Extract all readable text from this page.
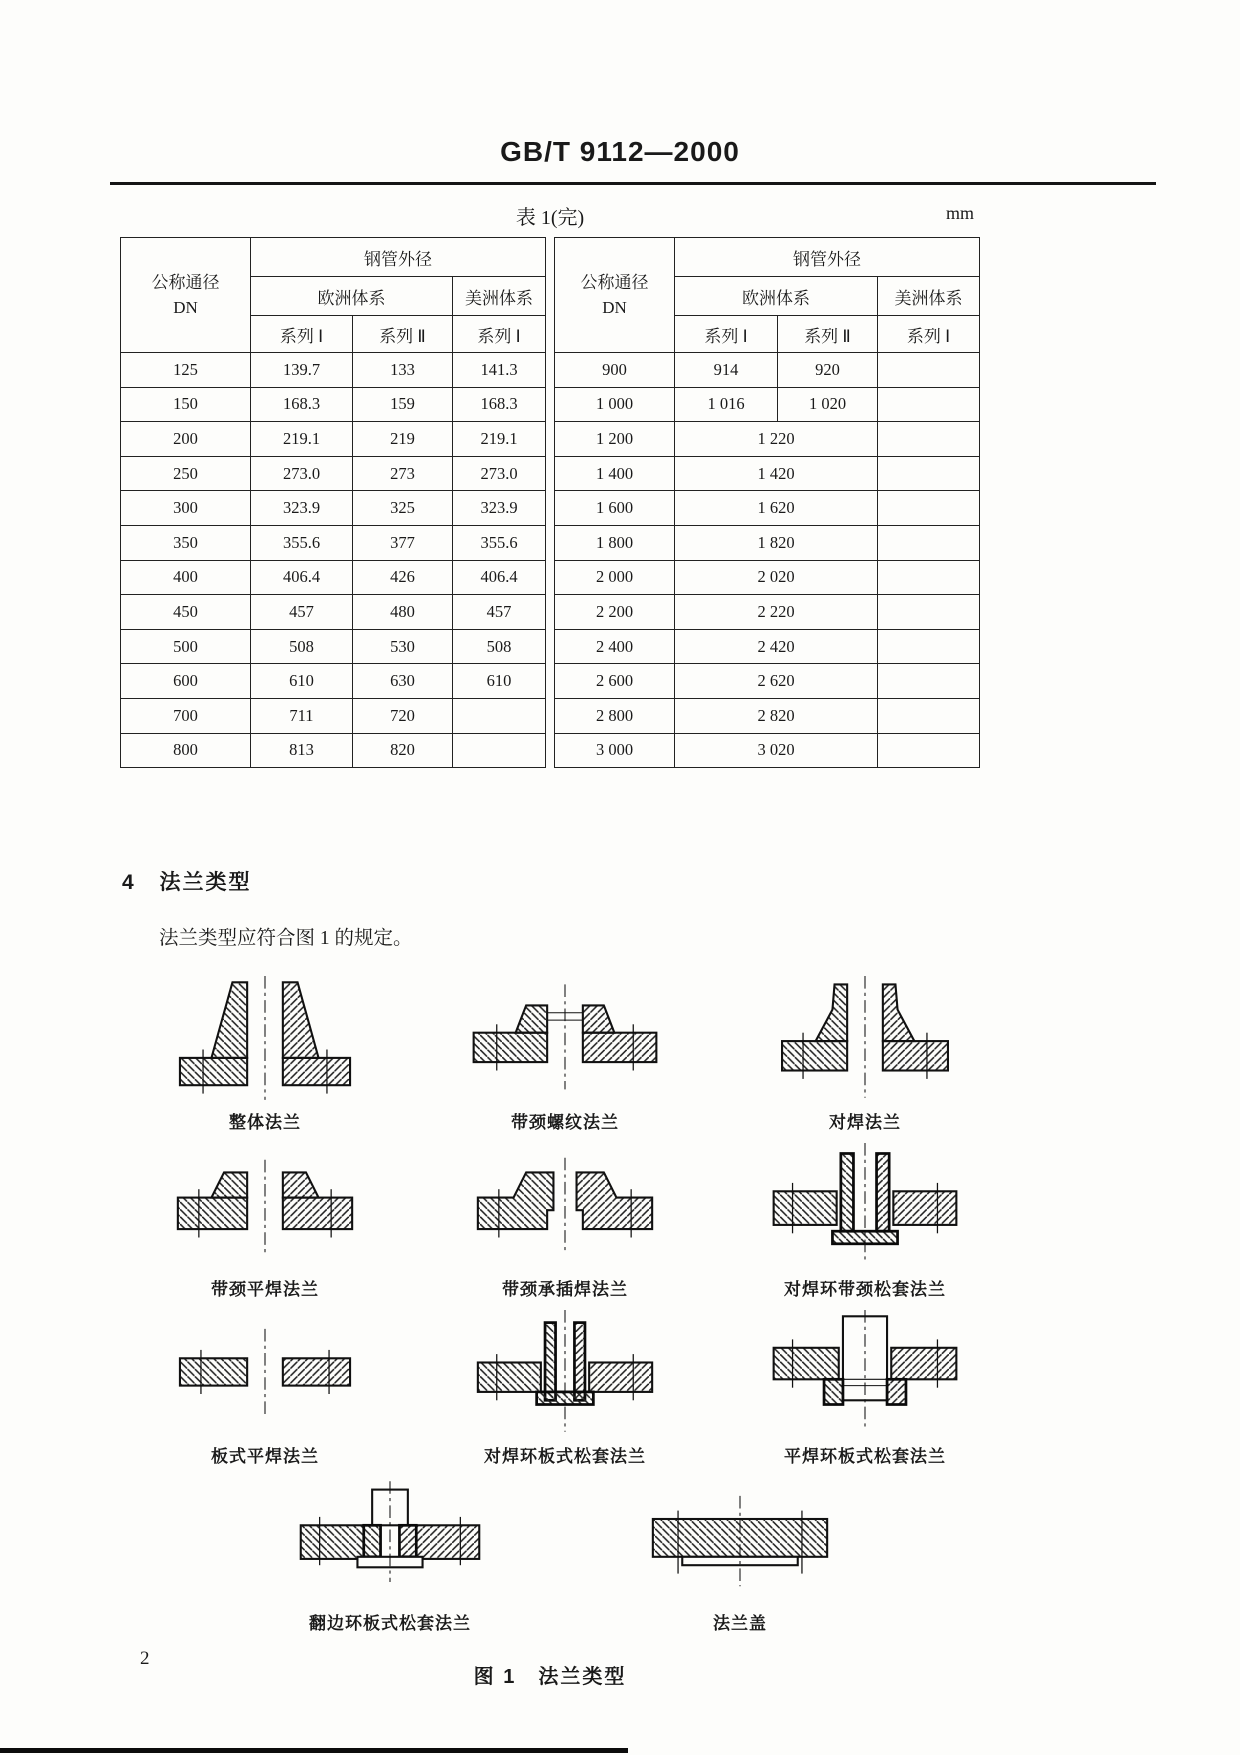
GB/T 9112—2000
表 1(完)	mm
公称通径
DN	钢管外径		
	欧洲体系		美洲体系
	系列 Ⅰ	系列 Ⅱ	系列 Ⅰ
125	139.7	133	141.3
150	168.3	159	168.3
200	219.1	219	219.1
250	273.0	273	273.0
300	323.9	325	323.9
350	355.6	377	355.6
400	406.4	426	406.4
450	457	480	457
500	508	530	508
600	610	630	610
700	711	720	
800	813	820	
公称通径
DN	钢管外径		
	欧洲体系		美洲体系
	系列 Ⅰ	系列 Ⅱ	系列 Ⅰ
900	914	920	
1 000	1 016	1 020	
1 200	1 220		
1 400	1 420		
1 600	1 620		
1 800	1 820		
2 000	2 020		
2 200	2 220		
2 400	2 420		
2 600	2 620		
2 800	2 820		
3 000	3 020		
4 法兰类型
法兰类型应符合图 1 的规定。
整体法兰	带颈螺纹法兰	对焊法兰
带颈平焊法兰	带颈承插焊法兰	对焊环带颈松套法兰
板式平焊法兰	对焊环板式松套法兰	平焊环板式松套法兰
翻边环板式松套法兰	法兰盖
图 1　法兰类型
2
